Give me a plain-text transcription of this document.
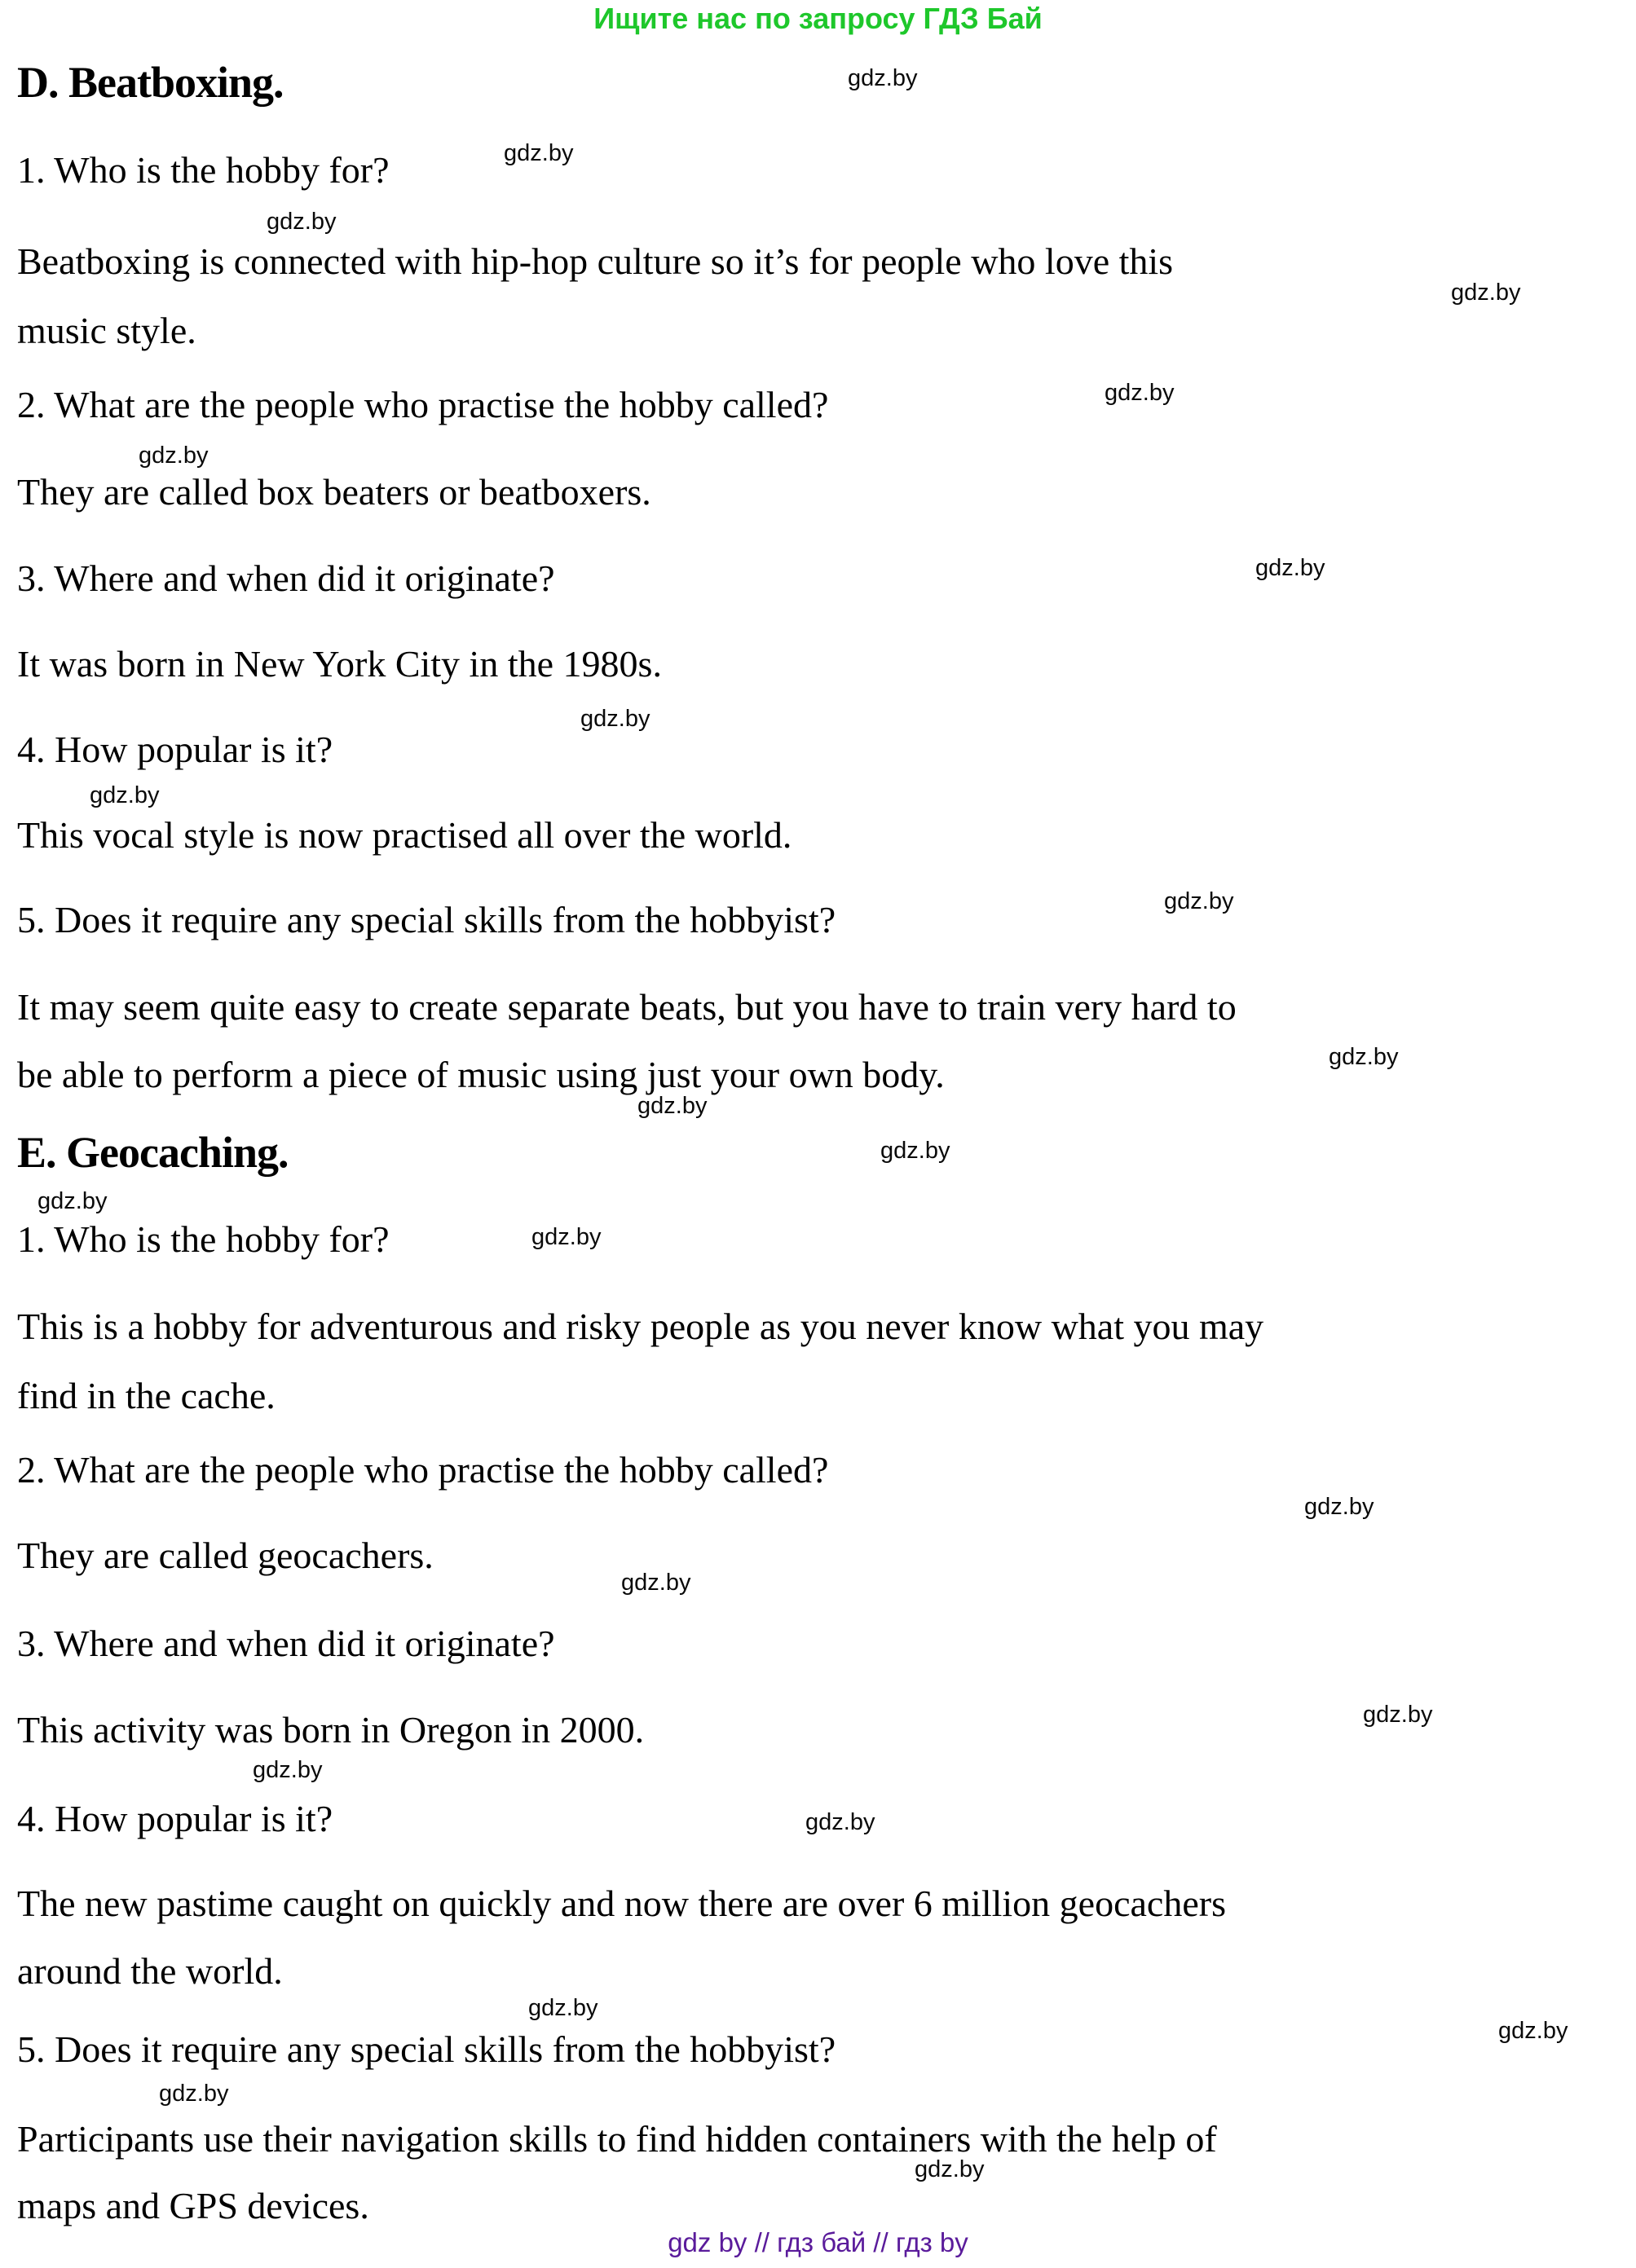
Ищите нас по запросу ГДЗ Бай
D. Beatboxing.
1. Who is the hobby for?
Beatboxing is connected with hip-hop culture so it’s for people who love this
music style.
2. What are the people who practise the hobby called?
They are called box beaters or beatboxers.
3. Where and when did it originate?
It was born in New York City in the 1980s.
4. How popular is it?
This vocal style is now practised all over the world.
5. Does it require any special skills from the hobbyist?
It may seem quite easy to create separate beats, but you have to train very hard to
be able to perform a piece of music using just your own body.
E. Geocaching.
1. Who is the hobby for?
This is a hobby for adventurous and risky people as you never know what you may
find in the cache.
2. What are the people who practise the hobby called?
They are called geocachers.
3. Where and when did it originate?
This activity was born in Oregon in 2000.
4. How popular is it?
The new pastime caught on quickly and now there are over 6 million geocachers
around the world.
5. Does it require any special skills from the hobbyist?
Participants use their navigation skills to find hidden containers with the help of
maps and GPS devices.
gdz.by
gdz.by
gdz.by
gdz.by
gdz.by
gdz.by
gdz.by
gdz.by
gdz.by
gdz.by
gdz.by
gdz.by
gdz.by
gdz.by
gdz.by
gdz.by
gdz.by
gdz.by
gdz.by
gdz.by
gdz.by
gdz.by
gdz.by
gdz.by
gdz by // гдз бай // гдз by
